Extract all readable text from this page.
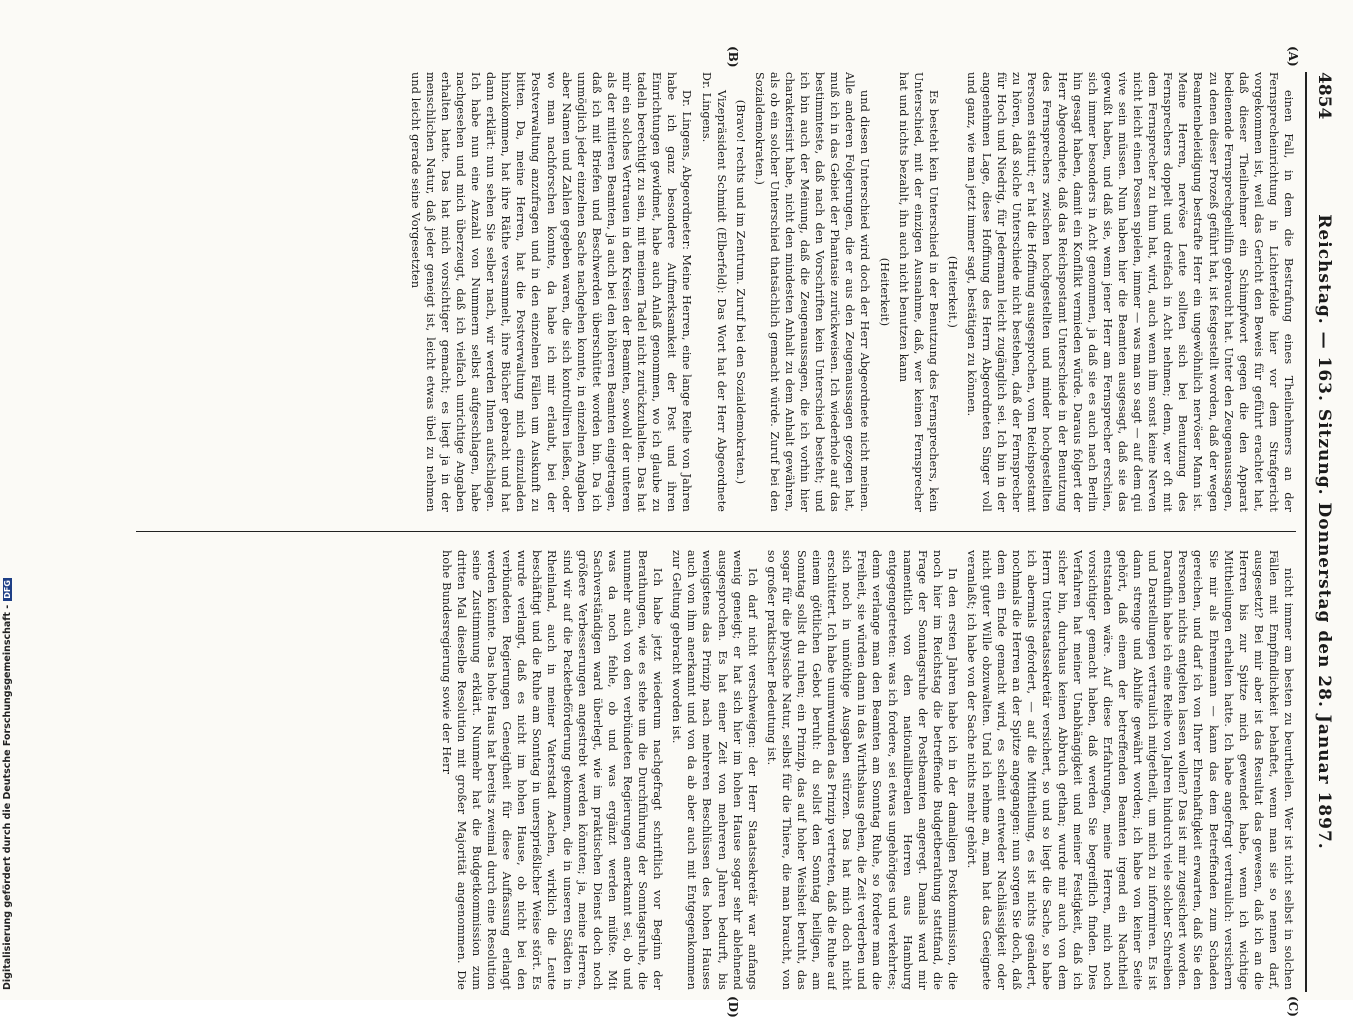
Digitalisierung gefördert durch die Deutsche Forschungsgemeinschaft -DFG
4854
Reichstag. — 163. Sitzung. Donnerstag den 28. Januar 1897.
(A)
(B)
(C)
(D)

einen Fall, in dem die Bestrafung eines Theilnehmers an der Fernsprecheinrichtung in Lichterfelde hier vor dem Strafgericht vorgekommen ist, weil das Gericht den Beweis für geführt erachtet hat, daß dieser Theilnehmer ein Schimpfwort gegen die den Apparat bedienende Fernsprechgehilfin gebraucht hat. Unter den Zeugenaussagen, zu denen dieser Prozeß geführt hat, ist festgestellt worden, daß der wegen Beamtenbeleidigung bestrafte Herr ein ungewöhnlich nervöser Mann ist. Meine Herren, nervöse Leute sollten sich bei Benutzung des Fernsprechers doppelt und dreifach in Acht nehmen; denn, wer oft mit dem Fernsprecher zu thun hat, wird, auch wenn ihm sonst keine Nerven nicht leicht einen Possen spielen, immer — was man so sagt — auf dem qui vive sein müssen. Nun haben hier die Beamten ausgesagt, daß sie das gewußt haben, und daß sie, wenn jener Herr am Fernsprecher erschien, sich immer besonders in Acht genommen, ja daß sie es auch nach Berlin hin gesagt haben, damit ein Konflikt vermieden würde. Daraus folgert der Herr Abgeordnete, daß das Reichspostamt Unterschiede in der Benutzung des Fernsprechers zwischen hochgestellten und minder hochgestellten Personen statuirt; er hat die Hoffnung ausgesprochen, vom Reichspostamt zu hören, daß solche Unterschiede nicht bestehen, daß der Fernsprecher für Hoch und Niedrig, für Jedermann leicht zugänglich sei. Ich bin in der angenehmen Lage, diese Hoffnung des Herrn Abgeordneten Singer voll und ganz, wie man jetzt immer sagt, bestätigen zu können.

(Heiterkeit.)

Es besteht kein Unterschied in der Benutzung des Fernsprechers, kein Unterschied, mit der einzigen Ausnahme, daß, wer keinen Fernsprecher hat und nichts bezahlt, ihn auch nicht benutzen kann

(Heiterkeit)

und diesen Unterschied wird doch der Herr Abgeordnete nicht meinen. Alle anderen Folgerungen, die er aus den Zeugenaussagen gezogen hat, muß ich in das Gebiet der Phantasie zurückweisen. Ich wiederhole auf das bestimmteste, daß nach den Vorschriften kein Unterschied besteht; und ich bin auch der Meinung, daß die Zeugenaussagen, die ich vorhin hier charakterisirt habe, nicht den mindesten Anhalt zu dem Anhalt gewähren, als ob ein solcher Unterschied thatsächlich gemacht würde. Zuruf bei den Sozialdemokraten.)

(Bravo! rechts und im Zentrum. Zuruf bei den Sozialdemokraten.)

Vizepräsident Schmidt (Elberfeld): Das Wort hat der Herr Abgeordnete Dr. Lingens.

Dr. Lingens, Abgeordneter: Meine Herren, eine lange Reihe von Jahren habe ich ganz besondere Aufmerksamkeit der Post und ihren Einrichtungen gewidmet, habe auch Anlaß genommen, wo ich glaube zu tadeln berechtigt zu sein, mit meinem Tadel nicht zurückzuhalten. Das hat mir ein solches Vertrauen in den Kreisen der Beamten, sowohl der unteren als der mittleren Beamten, ja auch bei den höheren Beamten eingetragen, daß ich mit Briefen und Beschwerden überschüttet worden bin. Da ich unmöglich jeder einzelnen Sache nachgehen konnte, in einzelnen Angaben aber Namen und Zahlen gegeben waren, die sich kontrolliren ließen, oder wo man nachforschen konnte, da habe ich mir erlaubt, bei der Postverwaltung anzufragen und in den einzelnen Fällen um Auskunft zu bitten. Da, meine Herren, hat die Postverwaltung mich einzuladen hinzukommen, hat ihre Räthe versammelt, ihre Bücher gebracht und hat dann erklärt: nun sehen Sie selber nach, wir werden Ihnen aufschlagen. Ich habe nun eine Anzahl von Nummern selbst aufgeschlagen, habe nachgesehen und mich überzeugt, daß ich vielfach unrichtige Angaben erhalten hatte. Das hat mich vorsichtiger gemacht; es liegt ja in der menschlichen Natur, daß jeder geneigt ist, leicht etwas übel zu nehmen und leicht gerade seine Vorgesetzten

nicht immer am besten zu beurtheilen. Wer ist nicht selbst in solchen Fällen mit Empfindlichkeit behaftet, wenn man sie so nennen darf, ausgesetzt? Bei mir aber ist das Resultat das gewesen, daß ich an die Herren bis zur Spitze mich gewendet habe, wenn ich wichtige Mittheilungen erhalten hatte. Ich habe angefragt vertraulich: versichern Sie mir als Ehrenmann — kann das dem Betreffenden zum Schaden gereichen, und darf ich von Ihrer Ehrenhaftigkeit erwarten, daß Sie den Personen nichts entgelten lassen wollen? Das ist mir zugesichert worden. Daraufhin habe ich eine Reihe von Jahren hindurch viele solcher Schreiben und Darstellungen vertraulich mitgetheilt, um mich zu informiren. Es ist dann strenge und Abhilfe gewährt worden; ich habe von keiner Seite gehört, daß einem der betreffenden Beamten irgend ein Nachtheil entstanden wäre. Auf diese Erfahrungen, meine Herren, mich noch vorsichtiger gemacht haben, daß werden Sie begreiflich finden. Dies Verfahren hat meiner Unabhängigkeit und meiner Festigkeit, daß ich sicher bin, durchaus keinen Abbruch gethan; wurde mir auch von dem Herrn Unterstaatssekretär versichert, so und so liegt die Sache, so habe ich abermals gefordert, — auf die Mittheilung, es ist nichts geändert, nochmals die Herren an der Spitze angegangen: nun sorgen Sie doch, daß dem ein Ende gemacht wird, es scheint entweder Nachlässigkeit oder nicht guter Wille obzuwalten. Und ich nehme an, man hat das Geeignete veranlaßt; ich habe von der Sache nichts mehr gehört.

In den ersten Jahren habe ich in der damaligen Postkommission, die noch hier im Reichstag die betreffende Budgetberathung stattfand, die Frage der Sonntagsruhe der Postbeamten angeregt. Damals ward mir namentlich von den nationalliberalen Herren aus Hamburg entgegengetreten: was ich fordere, sei etwas ungehöriges und verkehrtes; denn verlange man den Beamten am Sonntag Ruhe, so fordere man die Freiheit, sie würden dann in das Wirthshaus gehen, die Zeit verderben und sich noch in unnöthige Ausgaben stürzen. Das hat mich doch nicht erschüttert. Ich habe unumwunden das Prinzip vertreten, daß die Ruhe auf einem göttlichen Gebot beruht: du sollst den Sonntag heiligen, am Sonntag sollst du ruhen; ein Prinzip, das auf hoher Weisheit beruht, das sogar für die physische Natur, selbst für die Thiere, die man braucht, von so großer praktischer Bedeutung ist.

Ich darf nicht verschweigen: der Herr Staatssekretär war anfangs wenig geneigt; er hat sich hier im hohen Hause sogar sehr ablehnend ausgesprochen. Es hat einer Zeit von mehreren Jahren bedurft, bis wenigstens das Prinzip nach mehreren Beschlüssen des hohen Hauses auch von ihm anerkannt und von da ab aber auch mit Entgegenkommen zur Geltung gebracht worden ist.

Ich habe jetzt wiederum nachgefragt schriftlich vor Beginn der Berathungen, wie es stehe um die Durchführung der Sonntagsruhe, die nunmehr auch von den verbündeten Regierungen anerkannt sei, ob und was da noch fehle, ob und was ergänzt werden müßte. Mit Sachverständigen ward überlegt, wie im praktischen Dienst doch noch größere Verbesserungen angestrebt werden könnten; ja, meine Herren, sind wir auf die Packetbeförderung gekommen, die in unseren Städten in Rheinland, auch in meiner Vaterstadt Aachen, wirklich die Leute beschäftigt und die Ruhe am Sonntag in unersprießlicher Weise stört. Es wurde verlangt, daß es nicht im hohen Hause, ob nicht bei den verbündeten Regierungen Geneigtheit für diese Auffassung erlangt werden könnte. Das hohe Haus hat bereits zweimal durch eine Resolution seine Zustimmung erklärt. Nunmehr hat die Budgetkommission zum dritten Mal dieselbe Resolution mit großer Majorität angenommen. Die hohe Bundesregierung sowie der Herr
